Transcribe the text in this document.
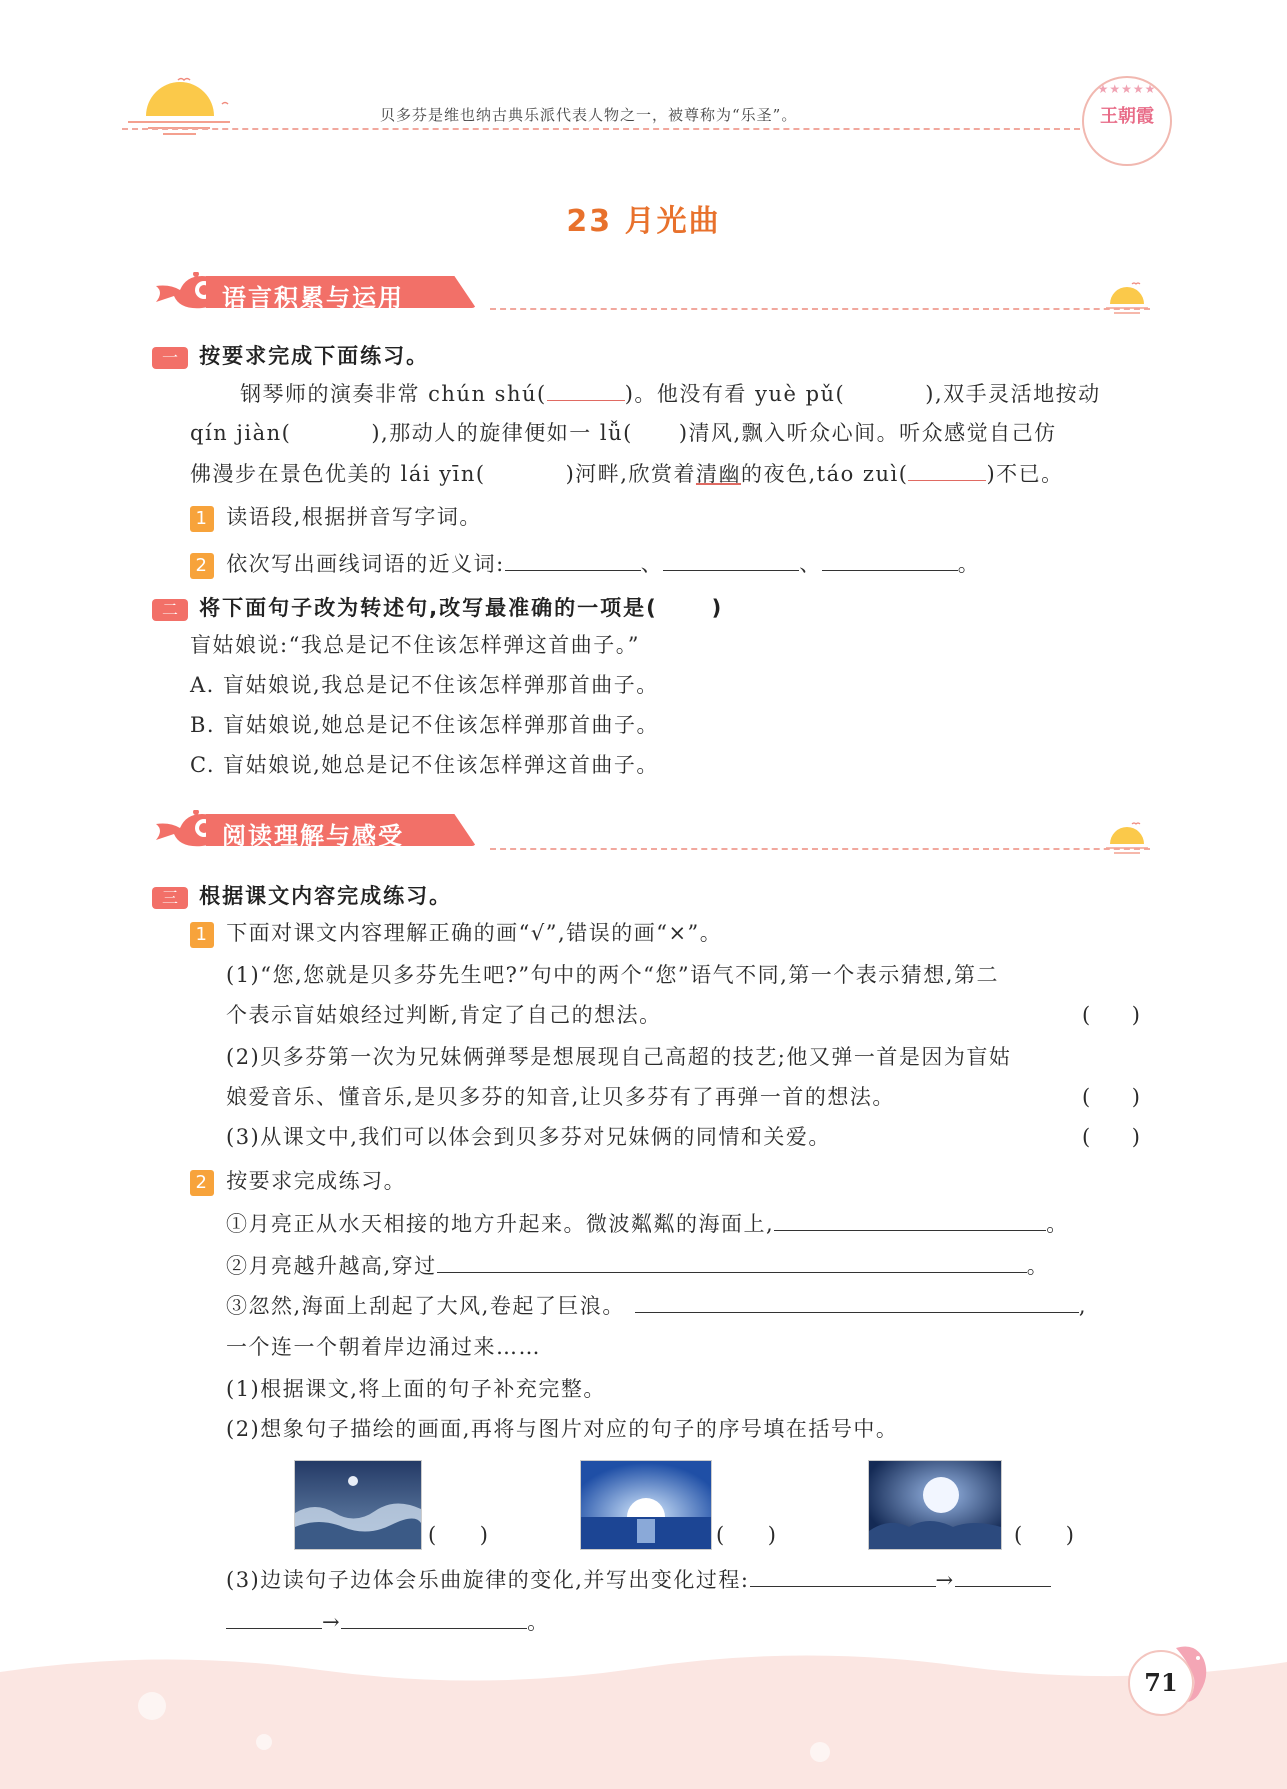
贝多芬是维也纳古典乐派代表人物之一，被尊称为“乐圣”。
★★★★★
王朝霞
23 月光曲
语言积累与运用
一 按要求完成下面练习。
钢琴师的演奏非常 chún shú(	)。他没有看 yuè pǔ(	),双手灵活地按动
qín jiàn(	),那动人的旋律便如一 lǚ( )清风,飘入听众心间。听众感觉自己仿
佛漫步在景色优美的 lái yīn(	)河畔,欣赏着清幽的夜色,táo zuì(	)不已。
1 读语段,根据拼音写字词。
2 依次写出画线词语的近义词:	、	、	。
二 将下面句子改为转述句,改写最准确的一项是(	)
盲姑娘说:“我总是记不住该怎样弹这首曲子。”
A. 盲姑娘说,我总是记不住该怎样弹那首曲子。
B. 盲姑娘说,她总是记不住该怎样弹那首曲子。
C. 盲姑娘说,她总是记不住该怎样弹这首曲子。
阅读理解与感受
三 根据课文内容完成练习。
1 下面对课文内容理解正确的画“√”,错误的画“×”。
(1)“您,您就是贝多芬先生吧?”句中的两个“您”语气不同,第一个表示猜想,第二
个表示盲姑娘经过判断,肯定了自己的想法。	( )
(2)贝多芬第一次为兄妹俩弹琴是想展现自己高超的技艺;他又弹一首是因为盲姑
娘爱音乐、懂音乐,是贝多芬的知音,让贝多芬有了再弹一首的想法。	( )
(3)从课文中,我们可以体会到贝多芬对兄妹俩的同情和关爱。	( )
2 按要求完成练习。
①月亮正从水天相接的地方升起来。微波粼粼的海面上,	。
②月亮越升越高,穿过	。
③忽然,海面上刮起了大风,卷起了巨浪。	,
一个连一个朝着岸边涌过来……
(1)根据课文,将上面的句子补充完整。
(2)想象句子描绘的画面,再将与图片对应的句子的序号填在括号中。
( )	( )	( )
(3)边读句子边体会乐曲旋律的变化,并写出变化过程:	→
→	。
71
